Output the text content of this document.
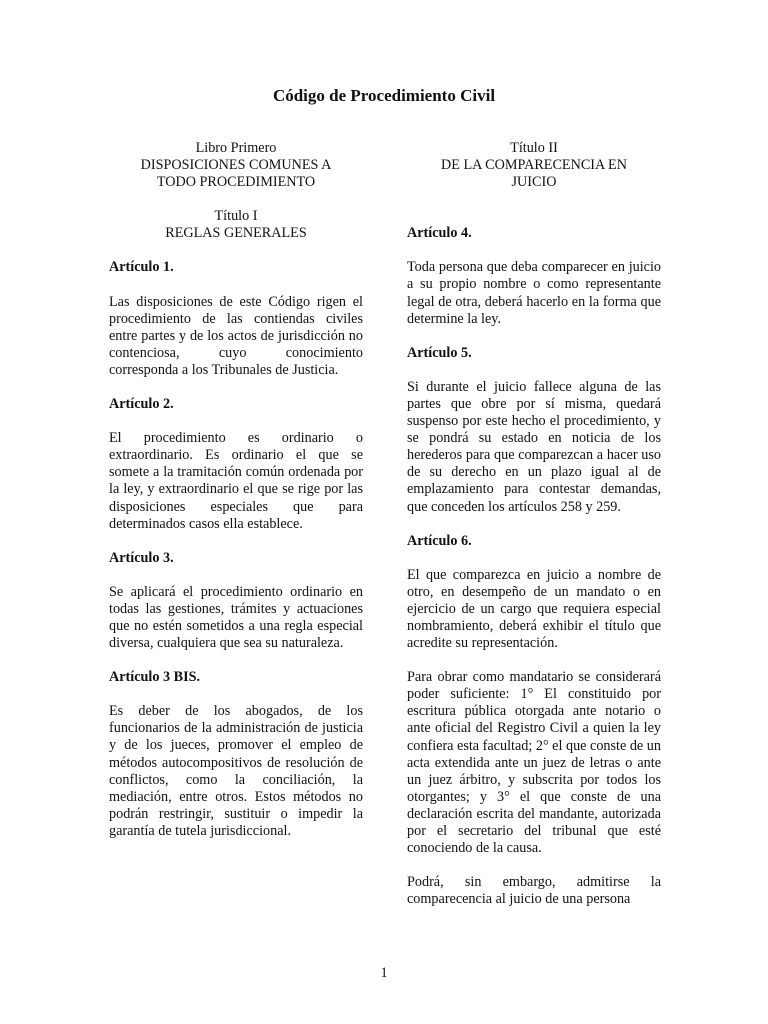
Código de Procedimiento Civil
Libro Primero
DISPOSICIONES COMUNES A
TODO PROCEDIMIENTO
Título I
REGLAS GENERALES

Artículo 1.

Las disposiciones de este Código rigen el procedimiento de las contiendas civiles entre partes y de los actos de jurisdicción no contenciosa, cuyo conocimiento corresponda a los Tribunales de Justicia.

Artículo 2.

El procedimiento es ordinario o extraordinario. Es ordinario el que se somete a la tramitación común ordenada por la ley, y extraordinario el que se rige por las disposiciones especiales que para determinados casos ella establece.

Artículo 3.

Se aplicará el procedimiento ordinario en todas las gestiones, trámites y actuaciones que no estén sometidos a una regla especial diversa, cualquiera que sea su naturaleza.

Artículo 3 BIS.

Es deber de los abogados, de los funcionarios de la administración de justicia y de los jueces, promover el empleo de métodos autocompositivos de resolución de conflictos, como la conciliación, la mediación, entre otros. Estos métodos no podrán restringir, sustituir o impedir la garantía de tutela jurisdiccional.

Título II
DE LA COMPARECENCIA EN
JUICIO

Artículo 4.

Toda persona que deba comparecer en juicio a su propio nombre o como representante legal de otra, deberá hacerlo en la forma que determine la ley.

Artículo 5.

Si durante el juicio fallece alguna de las partes que obre por sí misma, quedará suspenso por este hecho el procedimiento, y se pondrá su estado en noticia de los herederos para que comparezcan a hacer uso de su derecho en un plazo igual al de emplazamiento para contestar demandas, que conceden los artículos 258 y 259.

Artículo 6.

El que comparezca en juicio a nombre de otro, en desempeño de un mandato o en ejercicio de un cargo que requiera especial nombramiento, deberá exhibir el título que acredite su representación.

Para obrar como mandatario se considerará poder suficiente: 1° El constituido por escritura pública otorgada ante notario o ante oficial del Registro Civil a quien la ley confiera esta facultad; 2° el que conste de un acta extendida ante un juez de letras o ante un juez árbitro, y subscrita por todos los otorgantes; y 3° el que conste de una declaración escrita del mandante, autorizada por el secretario del tribunal que esté conociendo de la causa.

Podrá, sin embargo, admitirse la comparecencia al juicio de una persona

1
